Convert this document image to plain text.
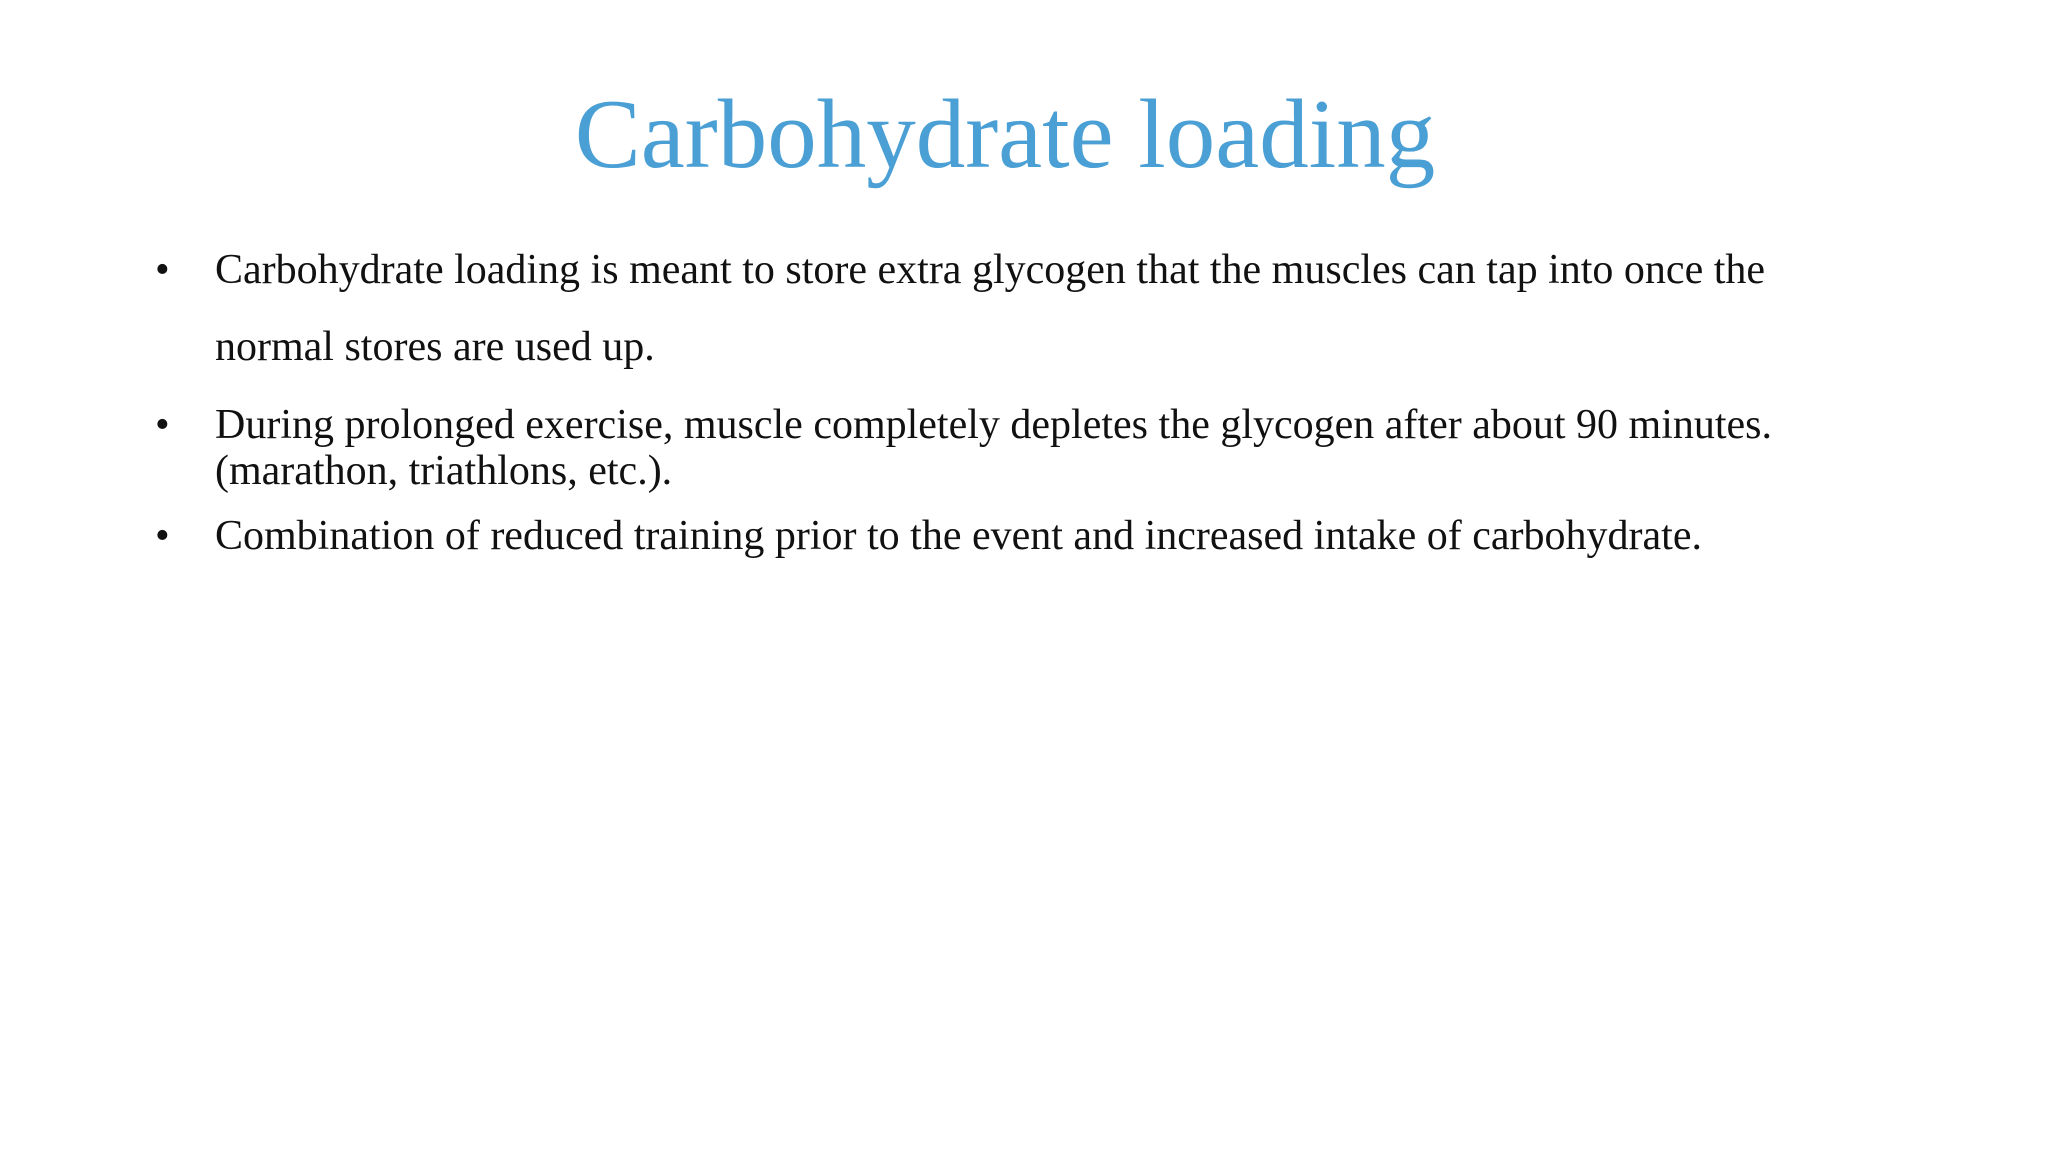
Carbohydrate loading
• Carbohydrate loading is meant to store extra glycogen that the muscles can tap into once the normal stores are used up.
• During prolonged exercise, muscle completely depletes the glycogen after about 90 minutes. (marathon, triathlons, etc.).
• Combination of reduced training prior to the event and increased intake of carbohydrate.
